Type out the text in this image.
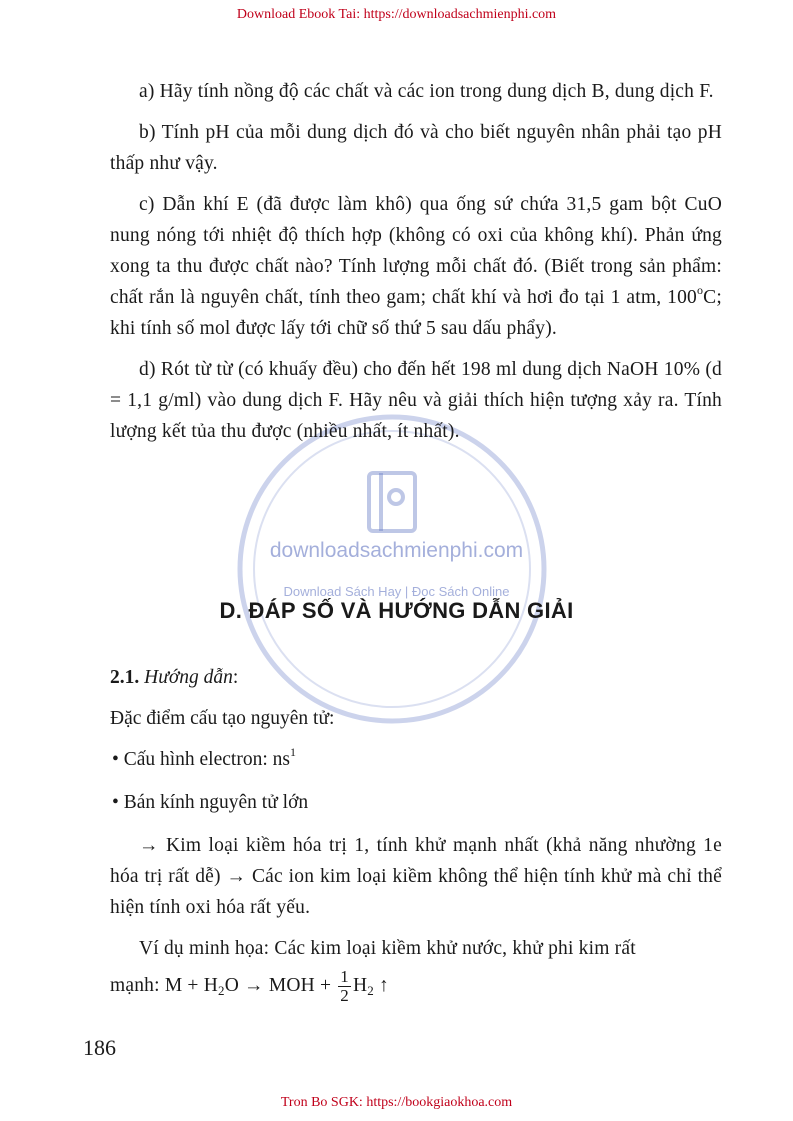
Download Ebook Tai: https://downloadsachmienphi.com
downloadsachmienphi.com
Download Sách Hay | Đọc Sách Online

a) Hãy tính nồng độ các chất và các ion trong dung dịch B, dung dịch F.

b) Tính pH của mỗi dung dịch đó và cho biết nguyên nhân phải tạo pH thấp như vậy.

c) Dẫn khí E (đã được làm khô) qua ống sứ chứa 31,5 gam bột CuO nung nóng tới nhiệt độ thích hợp (không có oxi của không khí). Phản ứng xong ta thu được chất nào? Tính lượng mỗi chất đó. (Biết trong sản phẩm: chất rắn là nguyên chất, tính theo gam; chất khí và hơi đo tại 1 atm, 100$^o$C; khi tính số mol được lấy tới chữ số thứ 5 sau dấu phẩy).

d) Rót từ từ (có khuấy đều) cho đến hết 198 ml dung dịch NaOH 10% (d = 1,1 g/ml) vào dung dịch F. Hãy nêu và giải thích hiện tượng xảy ra. Tính lượng kết tủa thu được (nhiều nhất, ít nhất).

D. ĐÁP SỐ VÀ HƯỚNG DẪN GIẢI

2.1. Hướng dẫn:

Đặc điểm cấu tạo nguyên tử:

• Cấu hình electron: $ns^1$

• Bán kính nguyên tử lớn

→ Kim loại kiềm hóa trị 1, tính khử mạnh nhất (khả năng nhường 1e hóa trị rất dễ) → Các ion kim loại kiềm không thể hiện tính khử mà chỉ thể hiện tính oxi hóa rất yếu.

Ví dụ minh họa: Các kim loại kiềm khử nước, khử phi kim rất

mạnh: $M + H_2O$ → MOH + $\frac{1}{2} H_2$ ↑

186
Tron Bo SGK: https://bookgiaokhoa.com
